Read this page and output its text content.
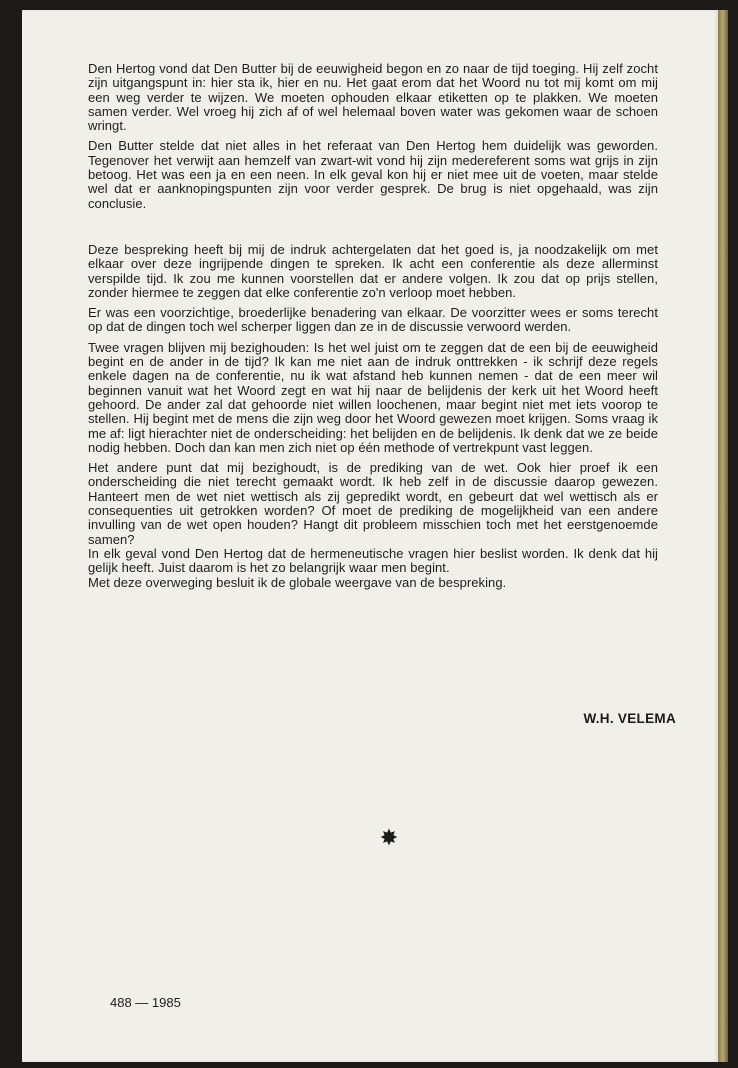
Den Hertog vond dat Den Butter bij de eeuwigheid begon en zo naar de tijd toeging. Hij zelf zocht zijn uitgangspunt in: hier sta ik, hier en nu. Het gaat erom dat het Woord nu tot mij komt om mij een weg verder te wijzen. We moeten ophouden elkaar etiketten op te plakken. We moeten samen verder. Wel vroeg hij zich af of wel helemaal boven water was gekomen waar de schoen wringt.

Den Butter stelde dat niet alles in het referaat van Den Hertog hem duidelijk was geworden. Tegenover het verwijt aan hemzelf van zwart-wit vond hij zijn medereferent soms wat grijs in zijn betoog. Het was een ja en een neen. In elk geval kon hij er niet mee uit de voeten, maar stelde wel dat er aanknopingspunten zijn voor verder gesprek. De brug is niet opgehaald, was zijn conclusie.

Deze bespreking heeft bij mij de indruk achtergelaten dat het goed is, ja noodzakelijk om met elkaar over deze ingrijpende dingen te spreken. Ik acht een conferentie als deze allerminst verspilde tijd. Ik zou me kunnen voorstellen dat er andere volgen. Ik zou dat op prijs stellen, zonder hiermee te zeggen dat elke conferentie zo'n verloop moet hebben.

Er was een voorzichtige, broederlijke benadering van elkaar. De voorzitter wees er soms terecht op dat de dingen toch wel scherper liggen dan ze in de discussie verwoord werden.

Twee vragen blijven mij bezighouden: Is het wel juist om te zeggen dat de een bij de eeuwigheid begint en de ander in de tijd? Ik kan me niet aan de indruk onttrekken - ik schrijf deze regels enkele dagen na de conferentie, nu ik wat afstand heb kunnen nemen - dat de een meer wil beginnen vanuit wat het Woord zegt en wat hij naar de belijdenis der kerk uit het Woord heeft gehoord. De ander zal dat gehoorde niet willen loochenen, maar begint niet met iets voorop te stellen. Hij begint met de mens die zijn weg door het Woord gewezen moet krijgen. Soms vraag ik me af: ligt hierachter niet de onderscheiding: het belijden en de belijdenis. Ik denk dat we ze beide nodig hebben. Doch dan kan men zich niet op één methode of vertrekpunt vast leggen.

Het andere punt dat mij bezighoudt, is de prediking van de wet. Ook hier proef ik een onderscheiding die niet terecht gemaakt wordt. Ik heb zelf in de discussie daarop gewezen. Hanteert men de wet niet wettisch als zij gepredikt wordt, en gebeurt dat wel wettisch als er consequenties uit getrokken worden? Of moet de prediking de mogelijkheid van een andere invulling van de wet open houden? Hangt dit probleem misschien toch met het eerstgenoemde samen?

In elk geval vond Den Hertog dat de hermeneutische vragen hier beslist worden. Ik denk dat hij gelijk heeft. Juist daarom is het zo belangrijk waar men begint.

Met deze overweging besluit ik de globale weergave van de bespreking.

W.H. VELEMA
✸
488 — 1985
